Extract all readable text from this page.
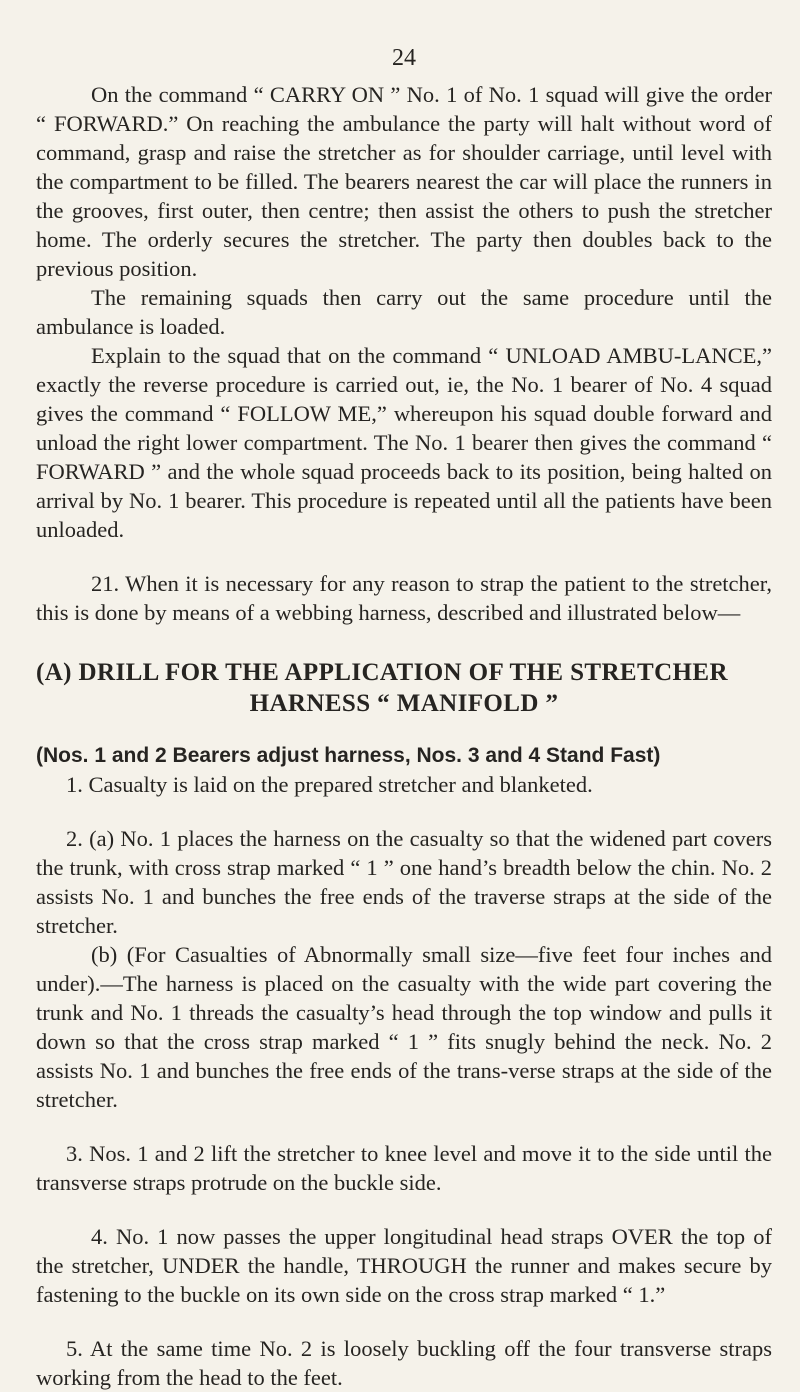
24

On the command “ CARRY ON ” No. 1 of No. 1 squad will give the order “ FORWARD.” On reaching the ambulance the party will halt without word of command, grasp and raise the stretcher as for shoulder carriage, until level with the compartment to be filled. The bearers nearest the car will place the runners in the grooves, first outer, then centre; then assist the others to push the stretcher home. The orderly secures the stretcher. The party then doubles back to the previous position.

The remaining squads then carry out the same procedure until the ambulance is loaded.

Explain to the squad that on the command “ UNLOAD AMBU-LANCE,” exactly the reverse procedure is carried out, ie, the No. 1 bearer of No. 4 squad gives the command “ FOLLOW ME,” whereupon his squad double forward and unload the right lower compartment. The No. 1 bearer then gives the command “ FORWARD ” and the whole squad proceeds back to its position, being halted on arrival by No. 1 bearer. This procedure is repeated until all the patients have been unloaded.

21. When it is necessary for any reason to strap the patient to the stretcher, this is done by means of a webbing harness, described and illustrated below—

(A) DRILL FOR THE APPLICATION OF THE STRETCHER
HARNESS “ MANIFOLD ”
(Nos. 1 and 2 Bearers adjust harness, Nos. 3 and 4 Stand Fast)

1. Casualty is laid on the prepared stretcher and blanketed.

2. (a) No. 1 places the harness on the casualty so that the widened part covers the trunk, with cross strap marked “ 1 ” one hand’s breadth below the chin. No. 2 assists No. 1 and bunches the free ends of the traverse straps at the side of the stretcher.

(b) (For Casualties of Abnormally small size—five feet four inches and under).—The harness is placed on the casualty with the wide part covering the trunk and No. 1 threads the casualty’s head through the top window and pulls it down so that the cross strap marked “ 1 ” fits snugly behind the neck. No. 2 assists No. 1 and bunches the free ends of the trans-verse straps at the side of the stretcher.

3. Nos. 1 and 2 lift the stretcher to knee level and move it to the side until the transverse straps protrude on the buckle side.

4. No. 1 now passes the upper longitudinal head straps OVER the top of the stretcher, UNDER the handle, THROUGH the runner and makes secure by fastening to the buckle on its own side on the cross strap marked “ 1.”

5. At the same time No. 2 is loosely buckling off the four transverse straps working from the head to the feet.
